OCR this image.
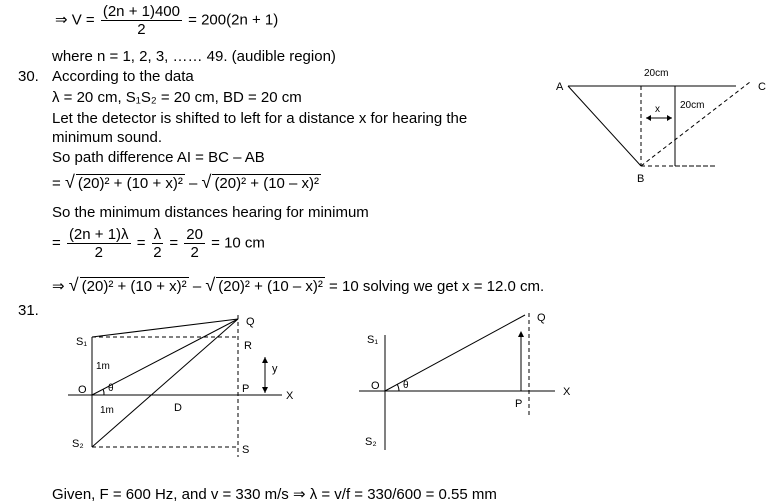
⇒ $V = \frac{(2n + 1)400}{2} = 200(2n + 1)$
where n = 1, 2, 3, …… 49. (audible region)
30. According to the data
λ = 20 cm, S₁S₂ = 20 cm, BD = 20 cm
Let the detector is shifted to left for a distance x for hearing the
minimum sound.
So path difference AI = BC – AB
= √ (20)² + (10 + x)² – √ (20)² + (10 – x)²
So the minimum distances hearing for minimum
= $\frac{(2n + 1)\lambda}{2} = \frac{\lambda}{2} = \frac{20}{2} = 10$ cm
⇒ √ (20)² + (10 + x)² – √ (20)² + (10 – x)² = 10 solving we get x = 12.0 cm.
A	C
B
20cm
20cm
x
31.
S₁
S₂
O
Q
R
P
S
D
X
y
1m
1m
θ
S₁
S₂
O
Q
P
X
θ
Given, F = 600 Hz, and v = 330 m/s ⇒ λ = v/f = 330/600 = 0.55 mm
